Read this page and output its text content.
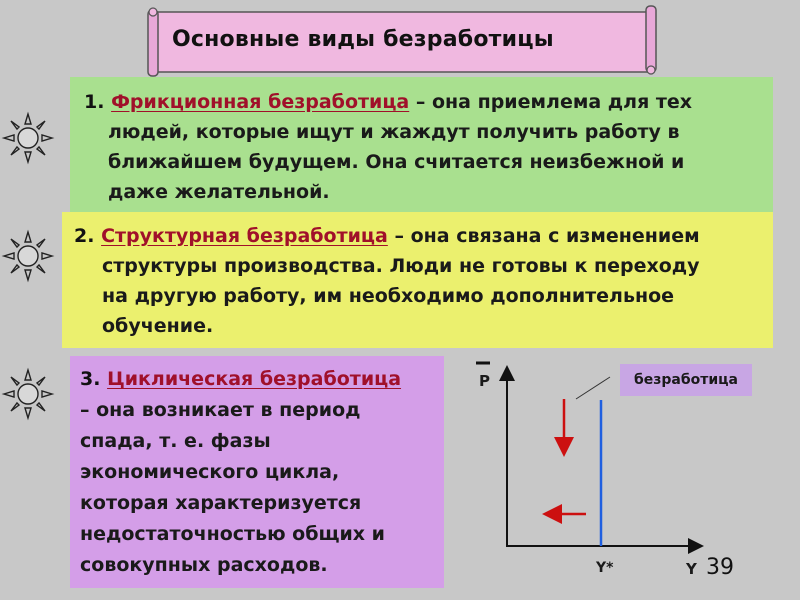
Основные виды безработицы
1. Фрикционная безработица – она приемлема для тех
людей, которые ищут и жаждут получить работу в
ближайшем будущем. Она считается неизбежной и
даже желательной.
2. Структурная безработица – она связана с изменением
структуры производства. Люди не готовы к переходу
на другую работу, им необходимо дополнительное
обучение.
3. Циклическая безработица
– она возникает в период
спада, т. е. фазы
экономического цикла,
которая характеризуется
недостаточностью общих и
совокупных расходов.
безработица
P
Y*	Y 39
